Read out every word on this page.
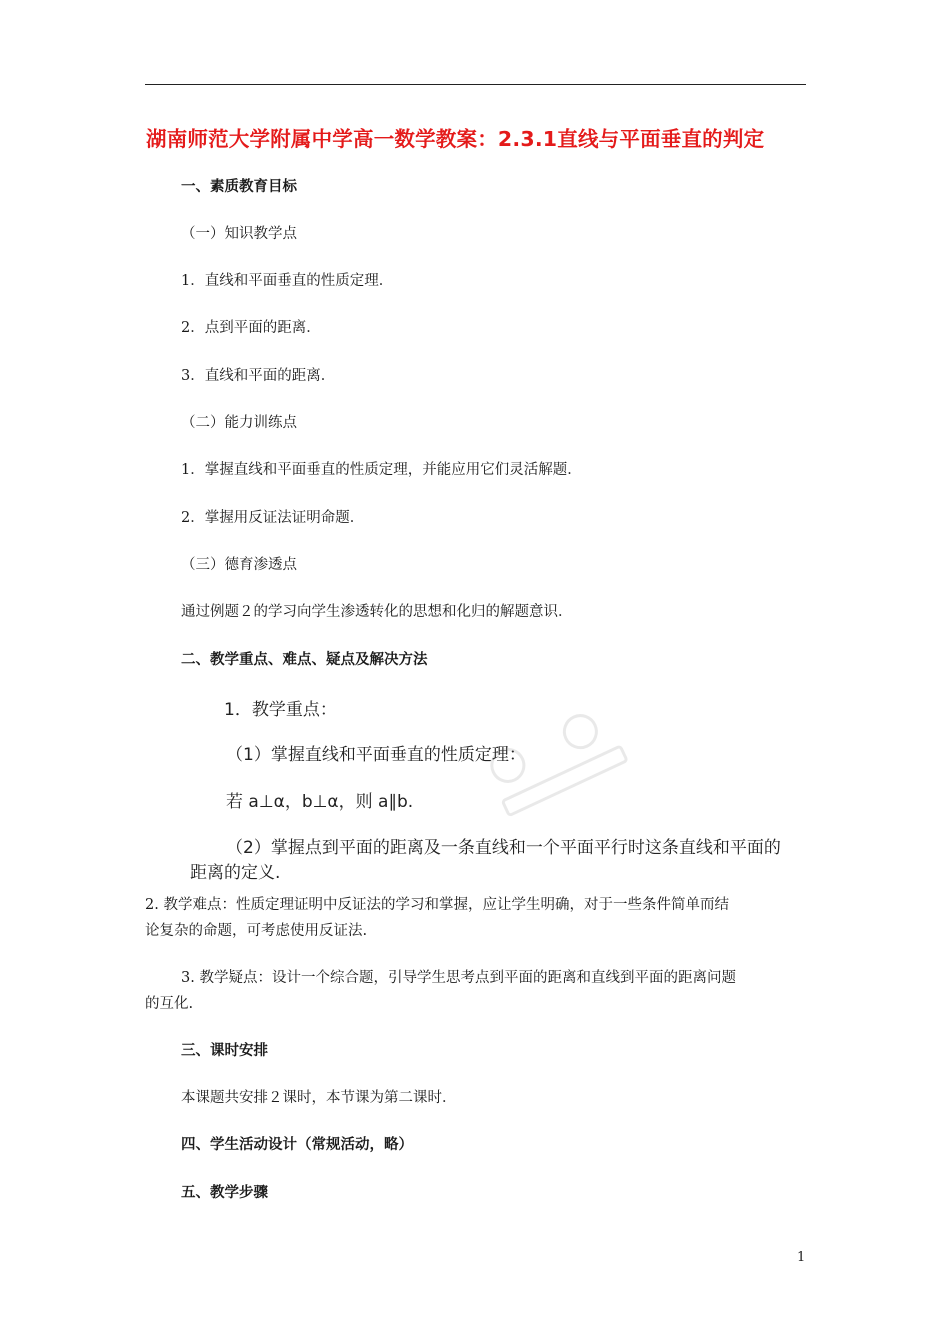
湖南师范大学附属中学高一数学教案：2.3.1直线与平面垂直的判定
一、素质教育目标
（一）知识教学点
1．直线和平面垂直的性质定理．
2．点到平面的距离．
3．直线和平面的距离．
（二）能力训练点
1．掌握直线和平面垂直的性质定理，并能应用它们灵活解题．
2．掌握用反证法证明命题．
（三）德育渗透点
通过例题２的学习向学生渗透转化的思想和化归的解题意识．
二、教学重点、难点、疑点及解决方法
1．教学重点：
（1）掌握直线和平面垂直的性质定理：
若 a⊥α，b⊥α，则 a∥b.
（2）掌握点到平面的距离及一条直线和一个平面平行时这条直线和平面的
距离的定义.
2. 教学难点：性质定理证明中反证法的学习和掌握，应让学生明确，对于一些条件简单而结
论复杂的命题，可考虑使用反证法.
3. 教学疑点：设计一个综合题，引导学生思考点到平面的距离和直线到平面的距离问题
的互化.
三、课时安排
本课题共安排２课时，本节课为第二课时．
四、学生活动设计（常规活动，略）
五、教学步骤
1
